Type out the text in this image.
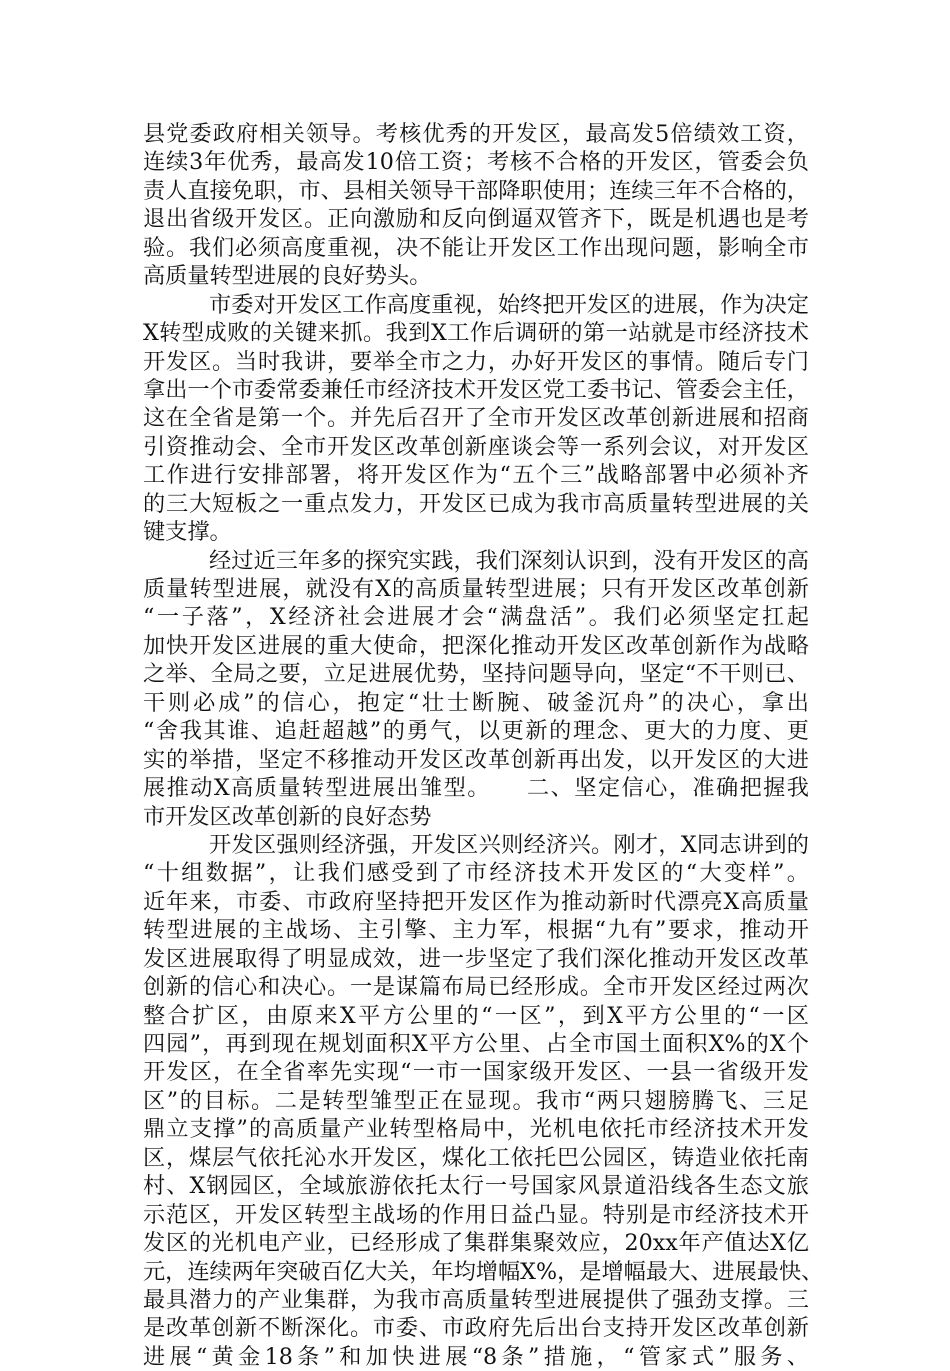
县党委政府相关领导。考核优秀的开发区，最高发5倍绩效工资，
连续3年优秀，最高发10倍工资；考核不合格的开发区，管委会负
责人直接免职，市、县相关领导干部降职使用；连续三年不合格的，
退出省级开发区。正向激励和反向倒逼双管齐下，既是机遇也是考
验。我们必须高度重视，决不能让开发区工作出现问题，影响全市
高质量转型进展的良好势头。
市委对开发区工作高度重视，始终把开发区的进展，作为决定
X转型成败的关键来抓。我到X工作后调研的第一站就是市经济技术
开发区。当时我讲，要举全市之力，办好开发区的事情。随后专门
拿出一个市委常委兼任市经济技术开发区党工委书记、管委会主任，
这在全省是第一个。并先后召开了全市开发区改革创新进展和招商
引资推动会、全市开发区改革创新座谈会等一系列会议，对开发区
工作进行安排部署，将开发区作为“五个三”战略部署中必须补齐
的三大短板之一重点发力，开发区已成为我市高质量转型进展的关
键支撑。
经过近三年多的探究实践，我们深刻认识到，没有开发区的高
质量转型进展，就没有X的高质量转型进展；只有开发区改革创新
“一子落”，X经济社会进展才会“满盘活”。我们必须坚定扛起
加快开发区进展的重大使命，把深化推动开发区改革创新作为战略
之举、全局之要，立足进展优势，坚持问题导向，坚定“不干则已、
干则必成”的信心，抱定“壮士断腕、破釜沉舟”的决心，拿出
“舍我其谁、追赶超越”的勇气，以更新的理念、更大的力度、更
实的举措，坚定不移推动开发区改革创新再出发，以开发区的大进
展推动X高质量转型进展出雏型。　　二、坚定信心，准确把握我
市开发区改革创新的良好态势
开发区强则经济强，开发区兴则经济兴。刚才，X同志讲到的
“十组数据”，让我们感受到了市经济技术开发区的“大变样”。
近年来，市委、市政府坚持把开发区作为推动新时代漂亮X高质量
转型进展的主战场、主引擎、主力军，根据“九有”要求，推动开
发区进展取得了明显成效，进一步坚定了我们深化推动开发区改革
创新的信心和决心。一是谋篇布局已经形成。全市开发区经过两次
整合扩区，由原来X平方公里的“一区”，到X平方公里的“一区
四园”，再到现在规划面积X平方公里、占全市国土面积X%的X个
开发区，在全省率先实现“一市一国家级开发区、一县一省级开发
区”的目标。二是转型雏型正在显现。我市“两只翅膀腾飞、三足
鼎立支撑”的高质量产业转型格局中，光机电依托市经济技术开发
区，煤层气依托沁水开发区，煤化工依托巴公园区，铸造业依托南
村、X钢园区，全域旅游依托太行一号国家风景道沿线各生态文旅
示范区，开发区转型主战场的作用日益凸显。特别是市经济技术开
发区的光机电产业，已经形成了集群集聚效应，20xx年产值达X亿
元，连续两年突破百亿大关，年均增幅X%，是增幅最大、进展最快、
最具潜力的产业集群，为我市高质量转型进展提供了强劲支撑。三
是改革创新不断深化。市委、市政府先后出台支持开发区改革创新
进展“黄金18条”和加快进展“8条”措施，“管家式”服务、
